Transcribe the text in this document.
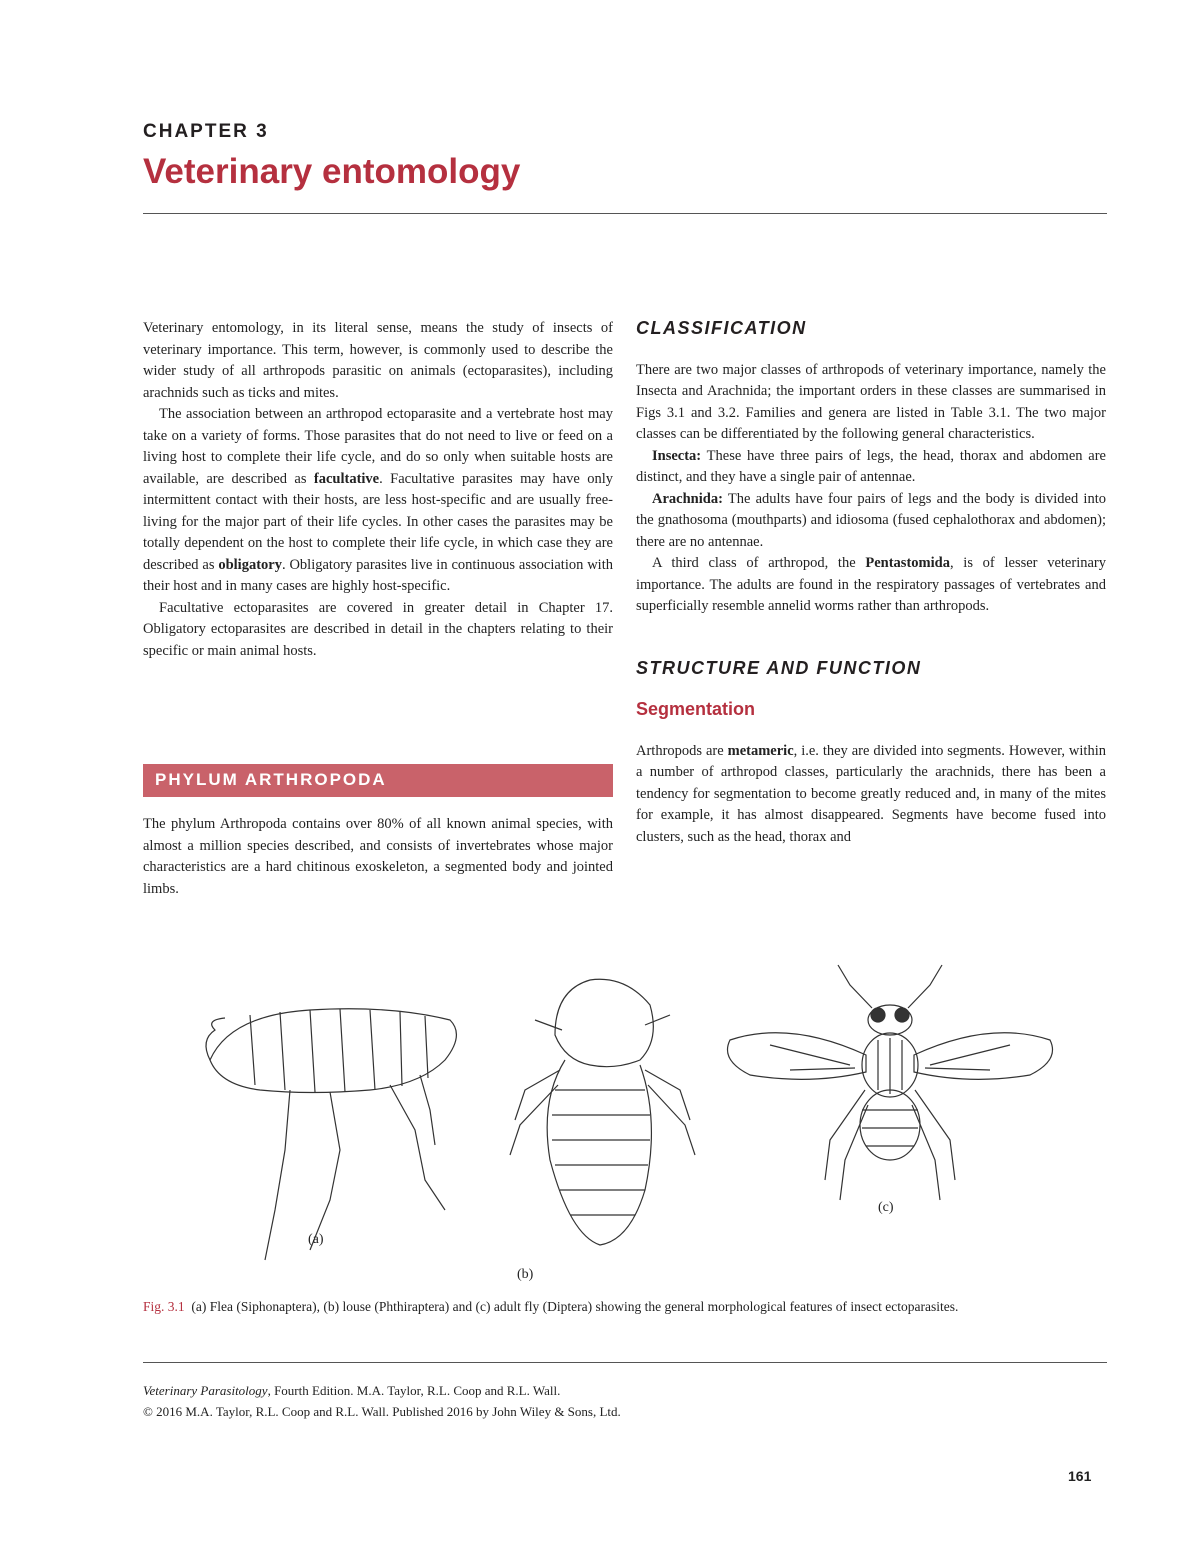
CHAPTER 3
Veterinary entomology

Veterinary entomology, in its literal sense, means the study of insects of veterinary importance. This term, however, is commonly used to describe the wider study of all arthropods parasitic on animals (ectoparasites), including arachnids such as ticks and mites.

The association between an arthropod ectoparasite and a vertebrate host may take on a variety of forms. Those parasites that do not need to live or feed on a living host to complete their life cycle, and do so only when suitable hosts are available, are described as facultative. Facultative parasites may have only intermittent contact with their hosts, are less host-specific and are usually free-living for the major part of their life cycles. In other cases the parasites may be totally dependent on the host to complete their life cycle, in which case they are described as obligatory. Obligatory parasites live in continuous association with their host and in many cases are highly host-specific.

Facultative ectoparasites are covered in greater detail in Chapter 17. Obligatory ectoparasites are described in detail in the chapters relating to their specific or main animal hosts.

PHYLUM ARTHROPODA

The phylum Arthropoda contains over 80% of all known animal species, with almost a million species described, and consists of invertebrates whose major characteristics are a hard chitinous exoskeleton, a segmented body and jointed limbs.

CLASSIFICATION

There are two major classes of arthropods of veterinary importance, namely the Insecta and Arachnida; the important orders in these classes are summarised in Figs 3.1 and 3.2. Families and genera are listed in Table 3.1. The two major classes can be differentiated by the following general characteristics.

Insecta: These have three pairs of legs, the head, thorax and abdomen are distinct, and they have a single pair of antennae.

Arachnida: The adults have four pairs of legs and the body is divided into the gnathosoma (mouthparts) and idiosoma (fused cephalothorax and abdomen); there are no antennae.

A third class of arthropod, the Pentastomida, is of lesser veterinary importance. The adults are found in the respiratory passages of vertebrates and superficially resemble annelid worms rather than arthropods.

STRUCTURE AND FUNCTION
Segmentation

Arthropods are metameric, i.e. they are divided into segments. However, within a number of arthropod classes, particularly the arachnids, there has been a tendency for segmentation to become greatly reduced and, in many of the mites for example, it has almost disappeared. Segments have become fused into clusters, such as the head, thorax and

(a)
(b)
(c)
Fig. 3.1 (a) Flea (Siphonaptera), (b) louse (Phthiraptera) and (c) adult fly (Diptera) showing the general morphological features of insect ectoparasites.
Veterinary Parasitology, Fourth Edition. M.A. Taylor, R.L. Coop and R.L. Wall.
© 2016 M.A. Taylor, R.L. Coop and R.L. Wall. Published 2016 by John Wiley & Sons, Ltd.
161
